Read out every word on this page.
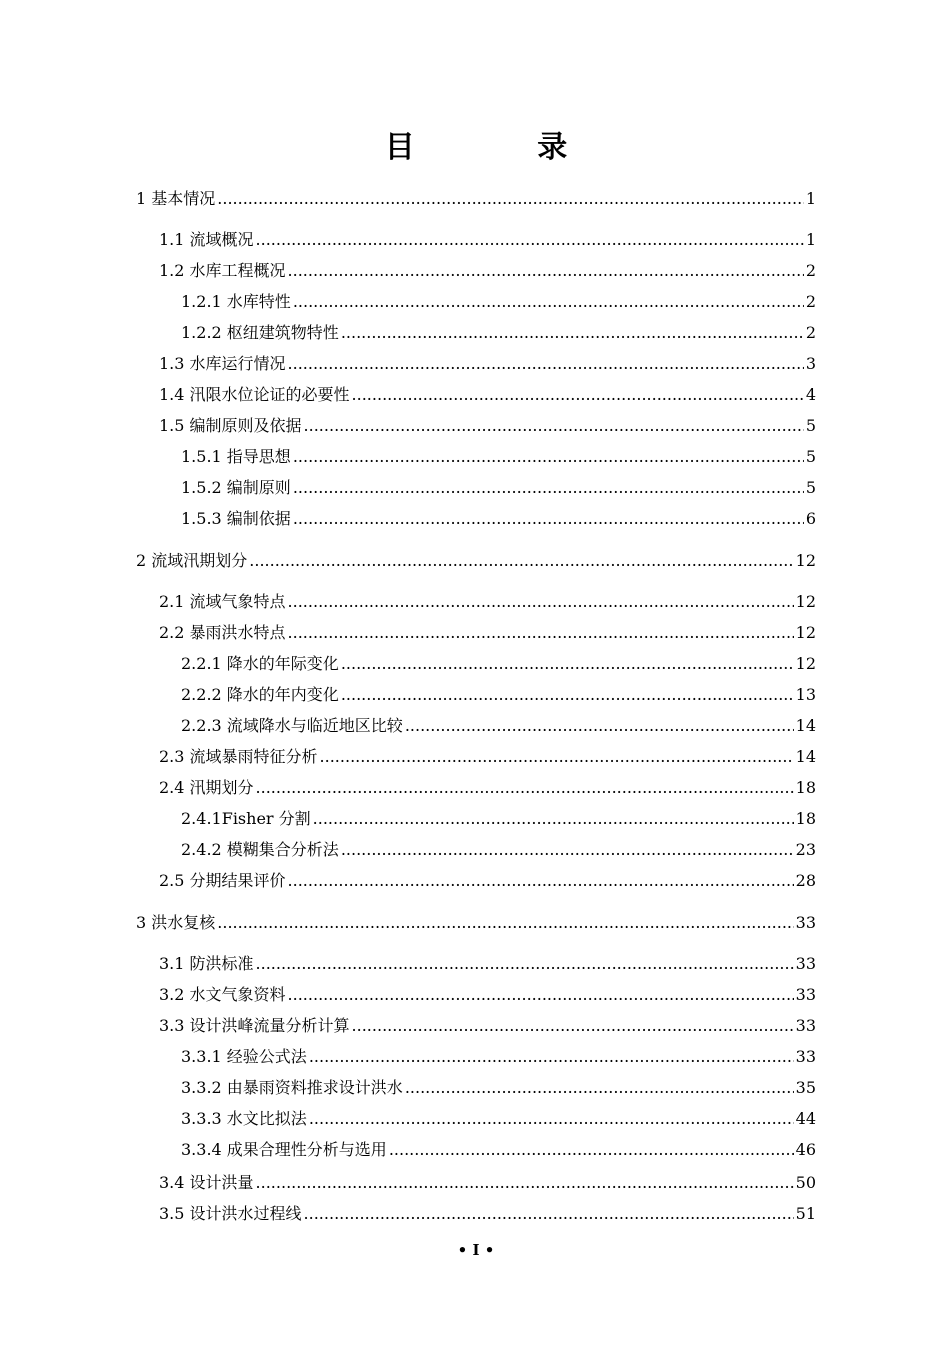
目 录
1 基本情况 .....	1
1.1 流域概况 .....	1
1.2 水库工程概况 .....	2
1.2.1 水库特性 .....	2
1.2.2 枢纽建筑物特性 .....	2
1.3 水库运行情况 .....	3
1.4 汛限水位论证的必要性 .....	4
1.5 编制原则及依据 .....	5
1.5.1 指导思想 .....	5
1.5.2 编制原则 .....	5
1.5.3 编制依据 .....	6
2 流域汛期划分 .....	12
2.1 流域气象特点 .....	12
2.2 暴雨洪水特点 .....	12
2.2.1 降水的年际变化 .....	12
2.2.2 降水的年内变化 .....	13
2.2.3 流域降水与临近地区比较 .....	14
2.3 流域暴雨特征分析 .....	14
2.4 汛期划分 .....	18
2.4.1Fisher 分割 .....	18
2.4.2 模糊集合分析法 .....	23
2.5 分期结果评价 .....	28
3 洪水复核 .....	33
3.1 防洪标准 .....	33
3.2 水文气象资料 .....	33
3.3 设计洪峰流量分析计算 .....	33
3.3.1 经验公式法 .....	33
3.3.2 由暴雨资料推求设计洪水 .....	35
3.3.3 水文比拟法 .....	44
3.3.4 成果合理性分析与选用 .....	46
3.4 设计洪量 .....	50
3.5 设计洪水过程线 .....	51
• I •
